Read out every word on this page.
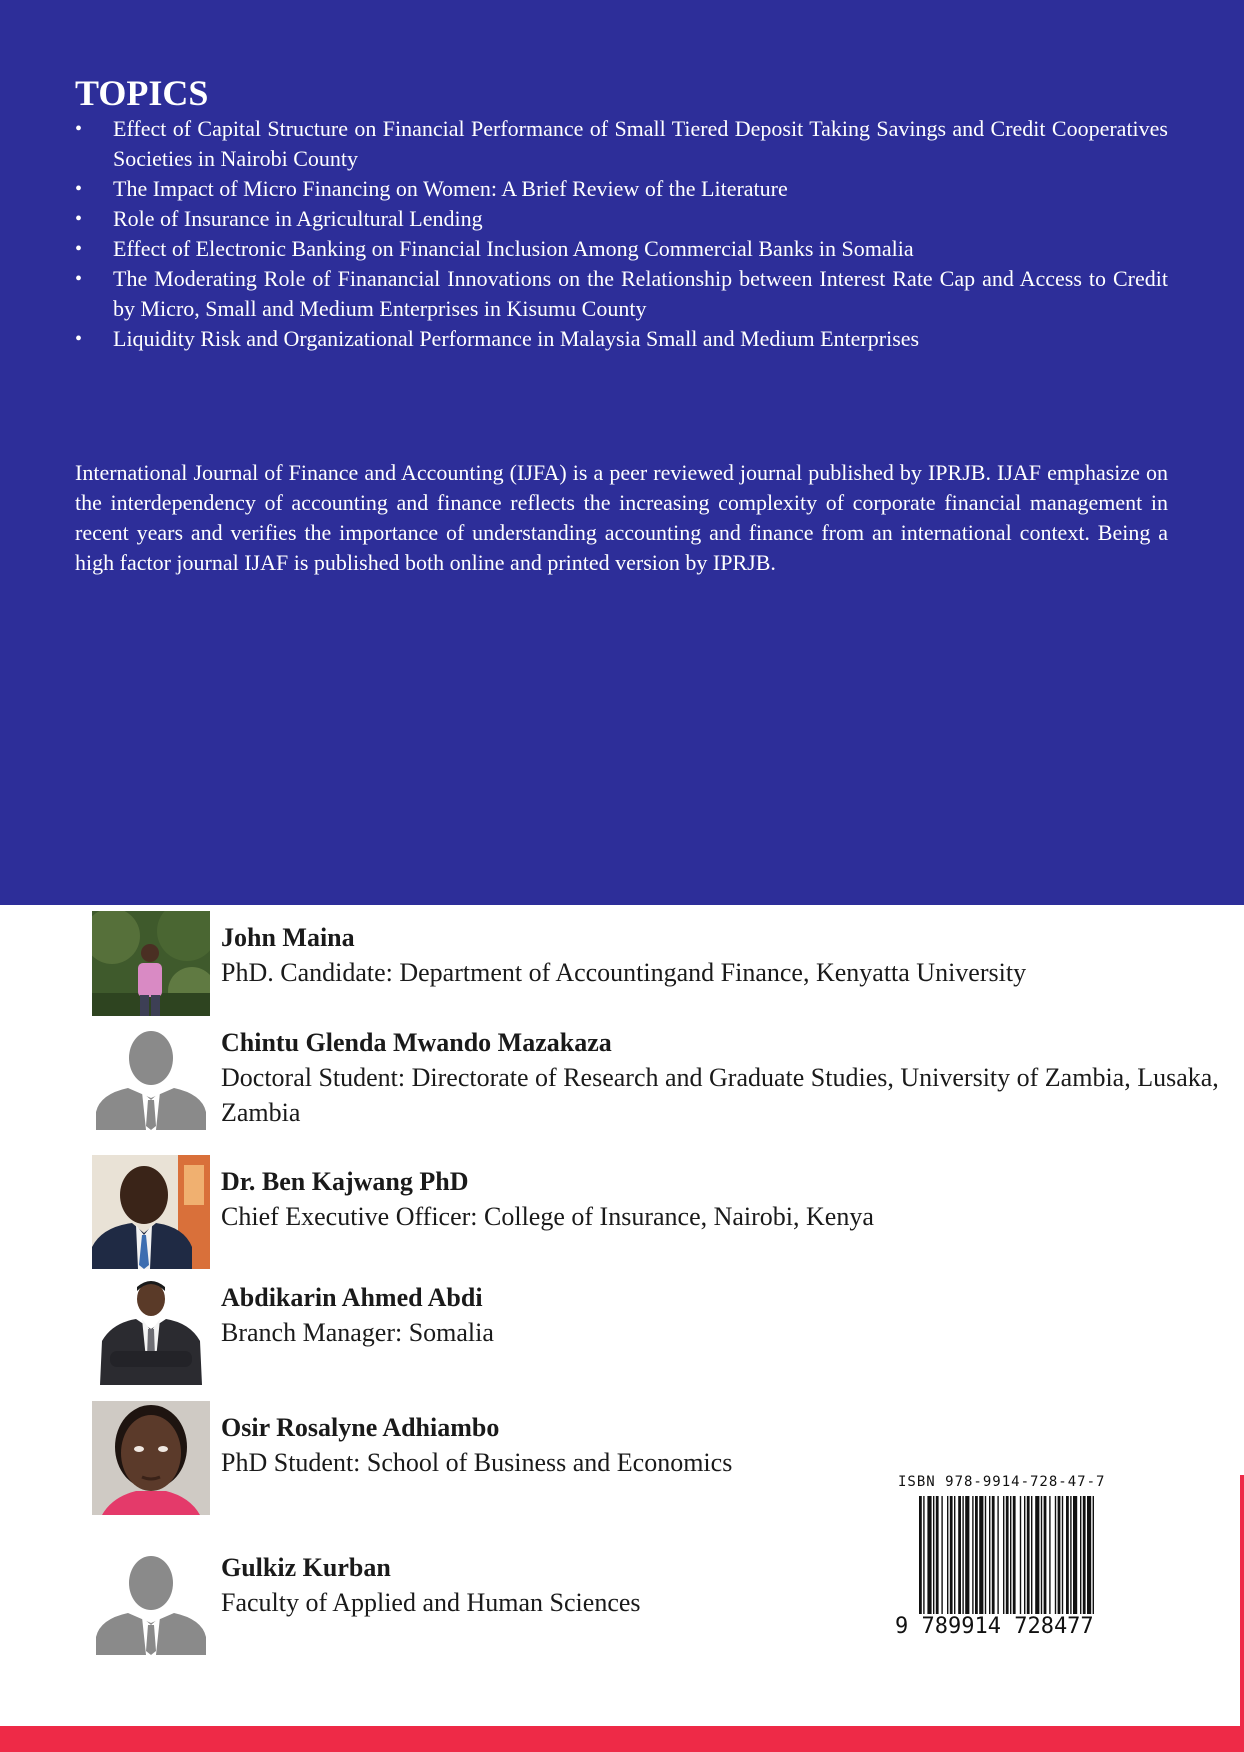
TOPICS
•	Effect of Capital Structure on Financial Performance of Small Tiered Deposit Taking Savings and Credit Cooperatives Societies in Nairobi County
•	The Impact of Micro Financing on Women: A Brief Review of the Literature
•	Role of Insurance in Agricultural Lending
•	Effect of Electronic Banking on Financial Inclusion Among Commercial Banks in Somalia
•	The Moderating Role of Finanancial Innovations on the Relationship between Interest Rate Cap and Access to Credit by Micro, Small and Medium Enterprises in Kisumu County
•	Liquidity Risk and Organizational Performance in Malaysia Small and Medium Enterprises

International Journal of Finance and Accounting (IJFA) is a peer reviewed journal published by IPRJB. IJAF emphasize on the interdependency of accounting and finance reflects the increasing complexity of corporate financial management in recent years and verifies the importance of understanding accounting and finance from an international context. Being a high factor journal IJAF is published both online and printed version by IPRJB.

John Maina
PhD. Candidate: Department of Accountingand Finance, Kenyatta University
Chintu Glenda Mwando Mazakaza
Doctoral Student: Directorate of Research and Graduate Studies, University of Zambia, Lusaka, Zambia
Dr. Ben Kajwang PhD
Chief Executive Officer: College of Insurance, Nairobi, Kenya
Abdikarin Ahmed Abdi
Branch Manager: Somalia
Osir Rosalyne Adhiambo
PhD Student: School of Business and Economics
Gulkiz Kurban
Faculty of Applied and Human Sciences
ISBN 978-9914-728-47-7
9 789914 728477
